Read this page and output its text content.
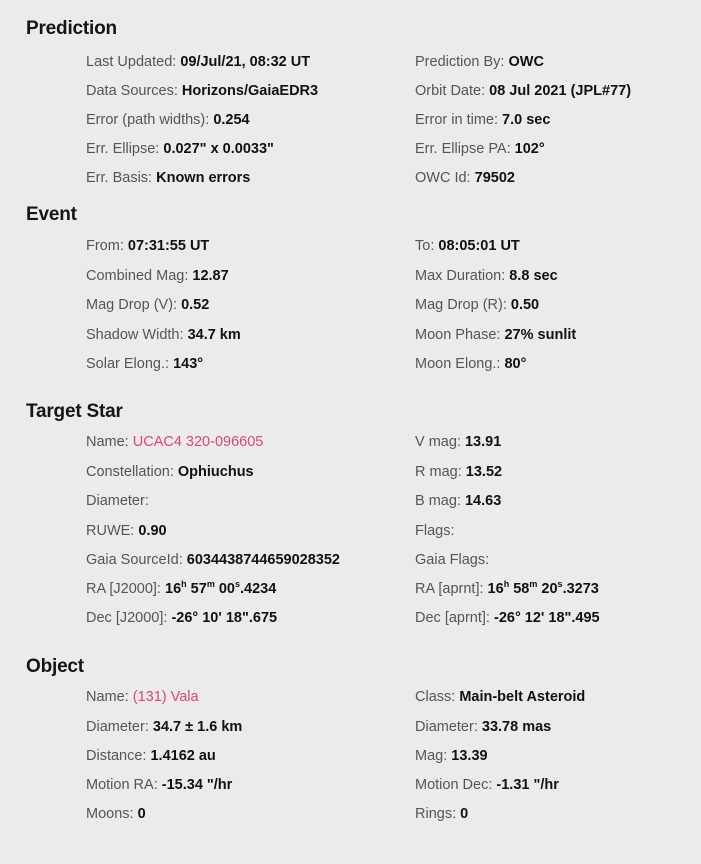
Prediction
Last Updated: 09/Jul/21, 08:32 UT	Prediction By: OWC
Data Sources: Horizons/GaiaEDR3	Orbit Date: 08 Jul 2021 (JPL#77)
Error (path widths): 0.254	Error in time: 7.0 sec
Err. Ellipse: 0.027" x 0.0033"	Err. Ellipse PA: 102°
Err. Basis: Known errors	OWC Id: 79502
Event
From: 07:31:55 UT	To: 08:05:01 UT
Combined Mag: 12.87	Max Duration: 8.8 sec
Mag Drop (V): 0.52	Mag Drop (R): 0.50
Shadow Width: 34.7 km	Moon Phase: 27% sunlit
Solar Elong.: 143°	Moon Elong.: 80°
Target Star
Name: UCAC4 320-096605	V mag: 13.91
Constellation: Ophiuchus	R mag: 13.52
Diameter:	B mag: 14.63
RUWE: 0.90	Flags:
Gaia SourceId: 6034438744659028352	Gaia Flags:
RA [J2000]: 16$^h$ 57$^m$ 00$^s$.4234	RA [aprnt]: 16$^h$ 58$^m$ 20$^s$.3273
Dec [J2000]: -26° 10' 18".675	Dec [aprnt]: -26° 12' 18".495
Object
Name: (131) Vala	Class: Main-belt Asteroid
Diameter: 34.7 ± 1.6 km	Diameter: 33.78 mas
Distance: 1.4162 au	Mag: 13.39
Motion RA: -15.34 "/hr	Motion Dec: -1.31 "/hr
Moons: 0	Rings: 0
